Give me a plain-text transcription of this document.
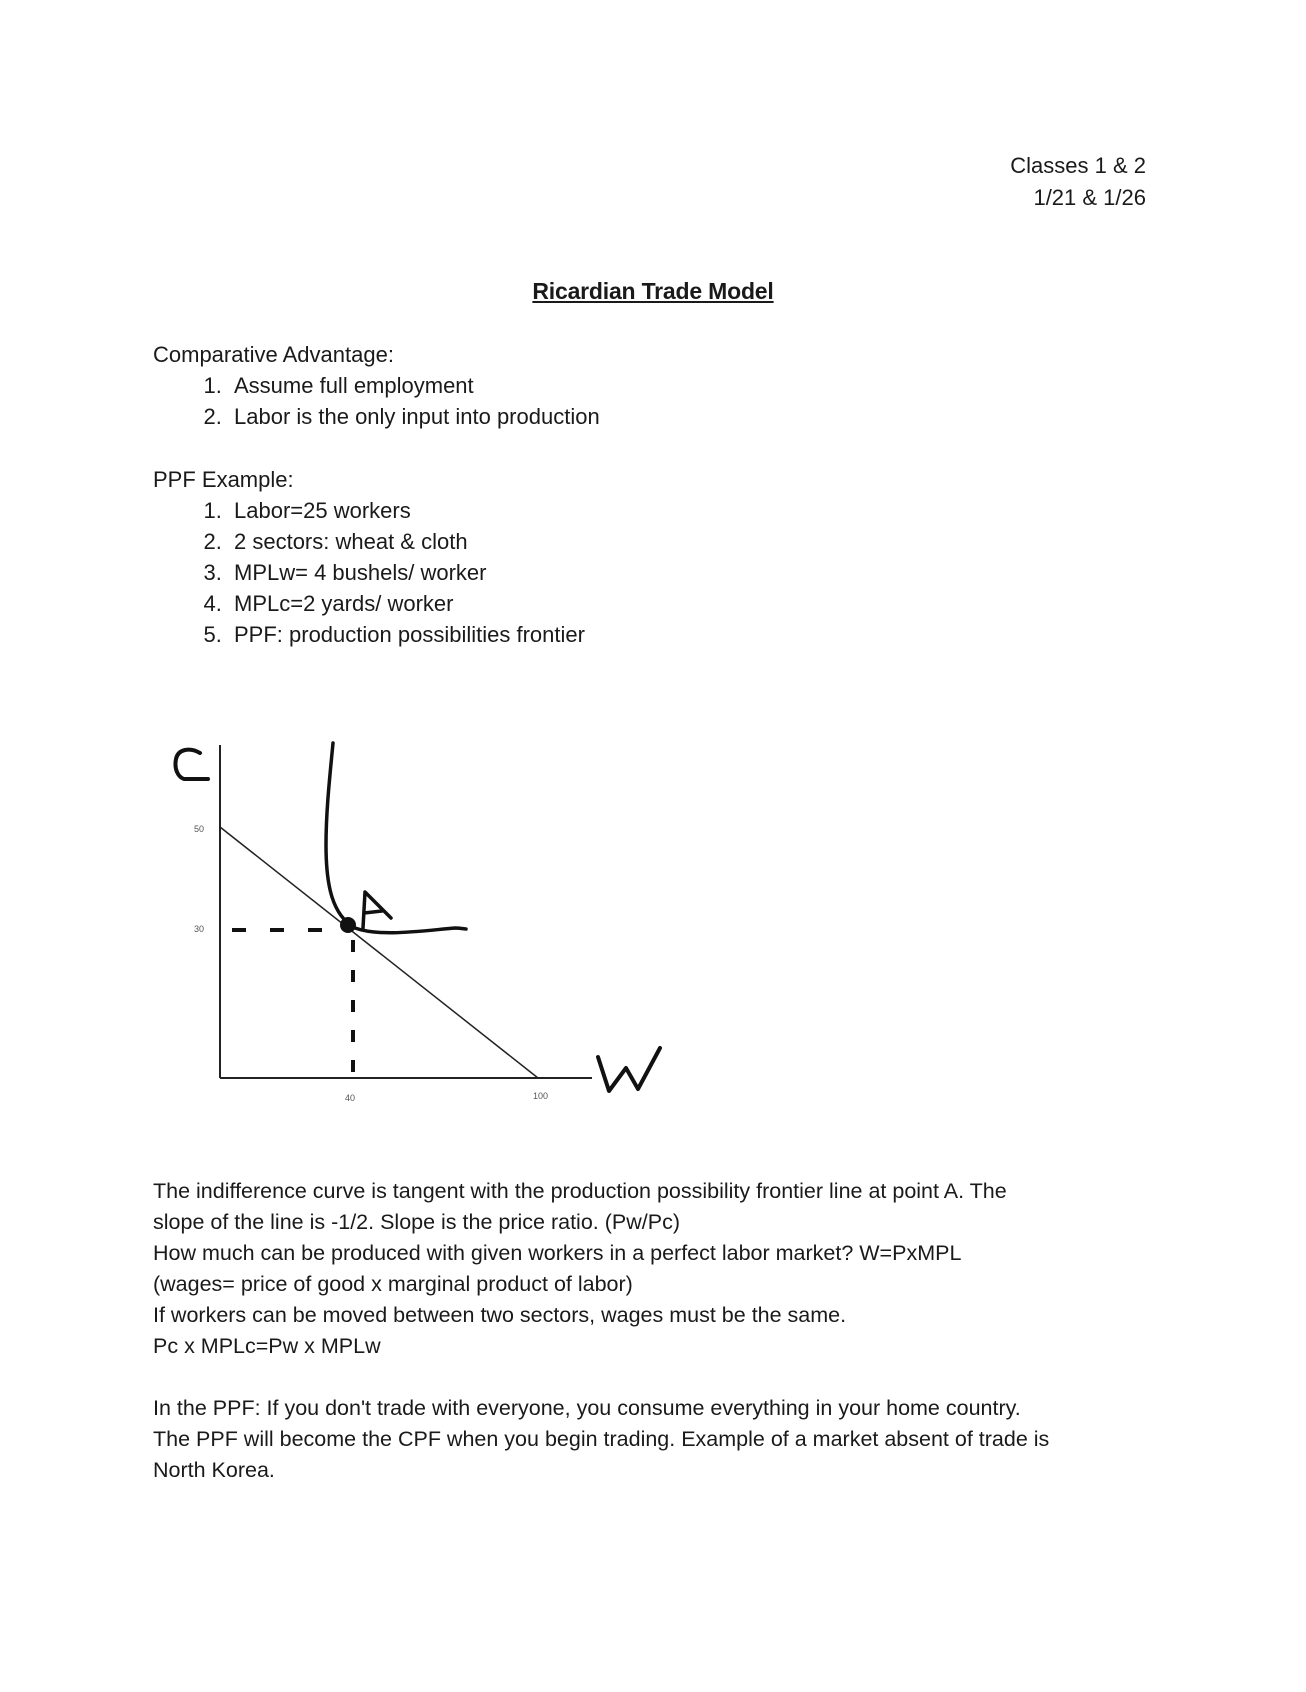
Classes 1 & 2
1/21 & 1/26
Ricardian Trade Model
Comparative Advantage:
1. Assume full employment
2. Labor is the only input into production
PPF Example:
1. Labor=25 workers
2. 2 sectors: wheat & cloth
3. MPLw= 4 bushels/ worker
4. MPLc=2 yards/ worker
5. PPF: production possibilities frontier
C
50
30
40	100
A
W

The indifference curve is tangent with the production possibility frontier line at point A. The

slope of the line is -1/2. Slope is the price ratio. (Pw/Pc)

How much can be produced with given workers in a perfect labor market? W=PxMPL

(wages= price of good x marginal product of labor)

If workers can be moved between two sectors, wages must be the same.

Pc x MPLc=Pw x MPLw

In the PPF: If you don't trade with everyone, you consume everything in your home country.

The PPF will become the CPF when you begin trading. Example of a market absent of trade is

North Korea.
